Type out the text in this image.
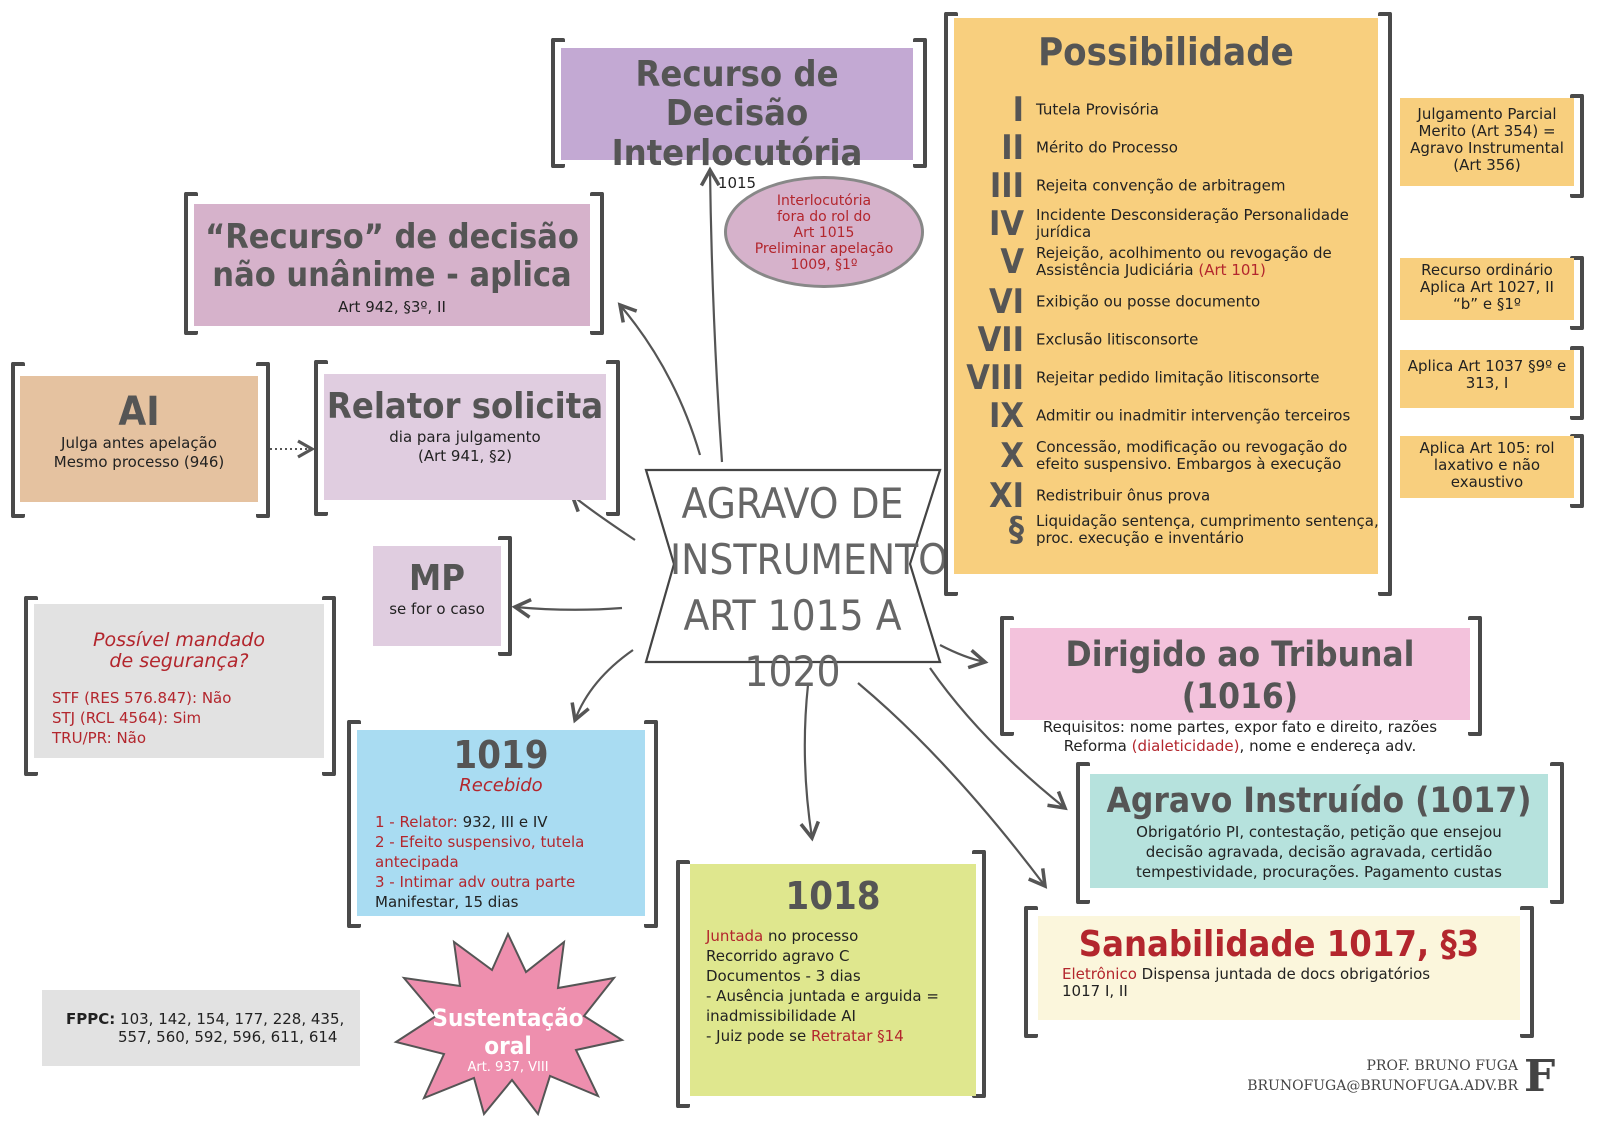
AGRAVO DE
INSTRUMENTO
ART 1015 A 1020
Recurso de
Decisão Interlocutória
1015
Interlocutória
fora do rol do
Art 1015
Preliminar apelação
1009, §1º
“Recurso” de decisão
não unânime - aplica
Art 942, §3º, II
AI
Julga antes apelação
Mesmo processo (946)
Relator solicita
dia para julgamento
(Art 941, §2)
MP
se for o caso
Possível mandado
de segurança?
STF (RES 576.847): Não
STJ (RCL 4564): Sim
TRU/PR: Não	1019
Recebido
1 - Relator: 932, III e IV
2 - Efeito suspensivo, tutela antecipada
3 - Intimar adv outra parte
Manifestar, 15 dias
FPPC: 103, 142, 154, 177, 228, 435,
557, 560, 592, 596, 611, 614
Sustentação oral
Art. 937, VIII
1018
Juntada no processo
Recorrido agravo C
Documentos - 3 dias
- Ausência juntada e arguida =
inadmissibilidade AI
- Juiz pode se Retratar §14
Possibilidade
I Tutela Provisória
II Mérito do Processo
III Rejeita convenção de arbitragem
IV Incidente Desconsideração Personalidade jurídica
V Rejeição, acolhimento ou revogação de Assistência Judiciária (Art 101)
VI Exibição ou posse documento
VII Exclusão litisconsorte
VIII Rejeitar pedido limitação litisconsorte
IX Admitir ou inadmitir intervenção terceiros
X Concessão, modificação ou revogação do efeito suspensivo. Embargos à execução
XI Redistribuir ônus prova
§ Liquidação sentença, cumprimento sentença, proc. execução e inventário
Julgamento Parcial Merito (Art 354) = Agravo Instrumental (Art 356)
Recurso ordinário Aplica Art 1027, II “b” e §1º
Aplica Art 1037 §9º e 313, I
Aplica Art 105: rol laxativo e não exaustivo
Dirigido ao Tribunal (1016)
Requisitos: nome partes, expor fato e direito, razões
Reforma (dialeticidade), nome e endereça adv.
Agravo Instruído (1017)
Obrigatório PI, contestação, petição que ensejou
decisão agravada, decisão agravada, certidão
tempestividade, procurações. Pagamento custas
Sanabilidade 1017, §3
Eletrônico Dispensa juntada de docs obrigatórios
1017 I, II
PROF. BRUNO FUGA
BRUNOFUGA@BRUNOFUGA.ADV.BR F
